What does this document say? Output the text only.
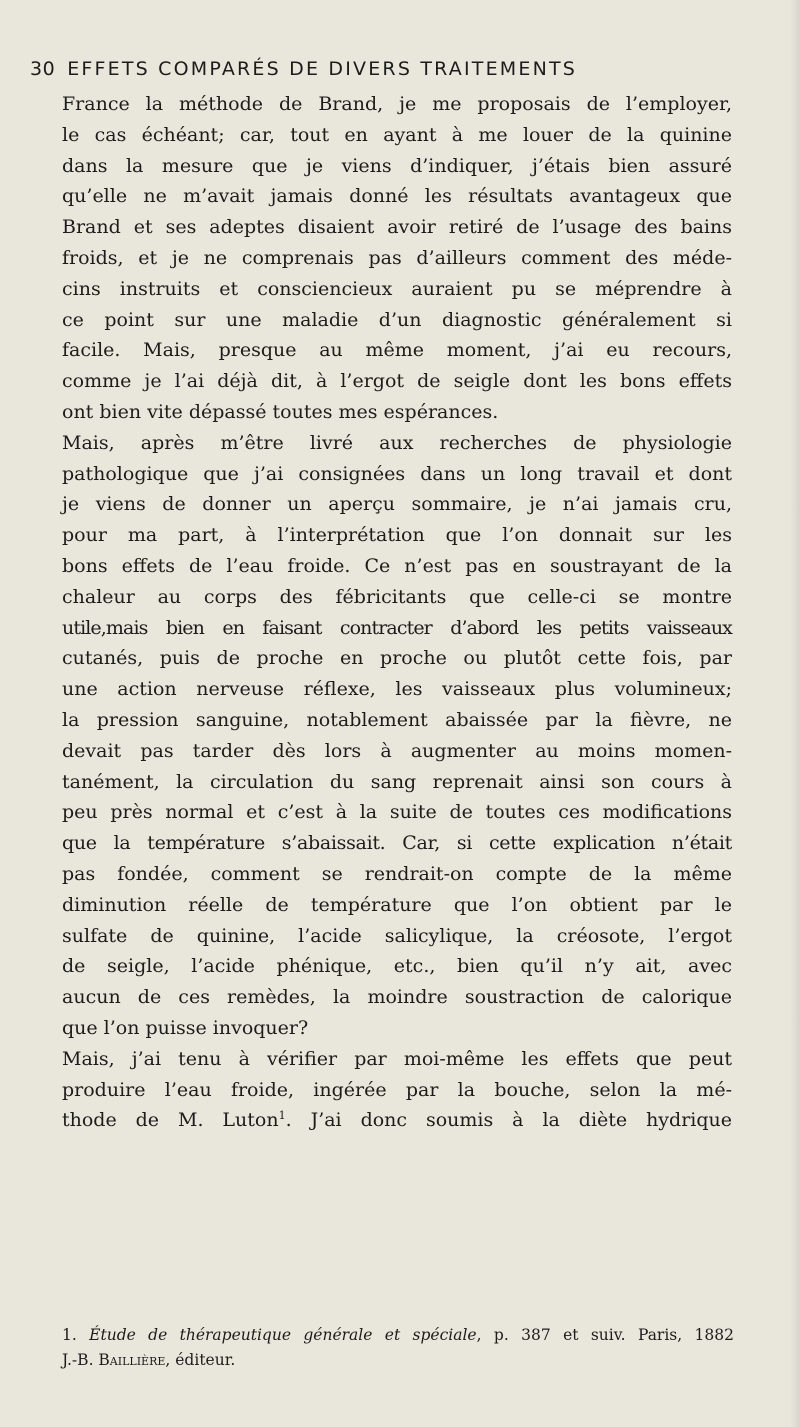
30 EFFETS COMPARÉS DE DIVERS TRAITEMENTS
France la méthode de Brand, je me proposais de l’employer,
le cas échéant; car, tout en ayant à me louer de la quinine
dans la mesure que je viens d’indiquer, j’étais bien assuré
qu’elle ne m’avait jamais donné les résultats avantageux que
Brand et ses adeptes disaient avoir retiré de l’usage des bains
froids, et je ne comprenais pas d’ailleurs comment des méde-
cins instruits et consciencieux auraient pu se méprendre à
ce point sur une maladie d’un diagnostic généralement si
facile. Mais, presque au même moment, j’ai eu recours,
comme je l’ai déjà dit, à l’ergot de seigle dont les bons effets
ont bien vite dépassé toutes mes espérances.
Mais, après m’être livré aux recherches de physiologie
pathologique que j’ai consignées dans un long travail et dont
je viens de donner un aperçu sommaire, je n’ai jamais cru,
pour ma part, à l’interprétation que l’on donnait sur les
bons effets de l’eau froide. Ce n’est pas en soustrayant de la
chaleur au corps des fébricitants que celle-ci se montre
utile,mais bien en faisant contracter d’abord les petits vaisseaux
cutanés, puis de proche en proche ou plutôt cette fois, par
une action nerveuse réflexe, les vaisseaux plus volumineux;
la pression sanguine, notablement abaissée par la fièvre, ne
devait pas tarder dès lors à augmenter au moins momen-
tanément, la circulation du sang reprenait ainsi son cours à
peu près normal et c’est à la suite de toutes ces modifications
que la température s’abaissait. Car, si cette explication n’était
pas fondée, comment se rendrait-on compte de la même
diminution réelle de température que l’on obtient par le
sulfate de quinine, l’acide salicylique, la créosote, l’ergot
de seigle, l’acide phénique, etc., bien qu’il n’y ait, avec
aucun de ces remèdes, la moindre soustraction de calorique
que l’on puisse invoquer?
Mais, j’ai tenu à vérifier par moi-même les effets que peut
produire l’eau froide, ingérée par la bouche, selon la mé-
thode de M. Luton$^1$. J’ai donc soumis à la diète hydrique
1. Étude de thérapeutique générale et spéciale, p. 387 et suiv. Paris, 1882
J.-B. Baillière, éditeur.
